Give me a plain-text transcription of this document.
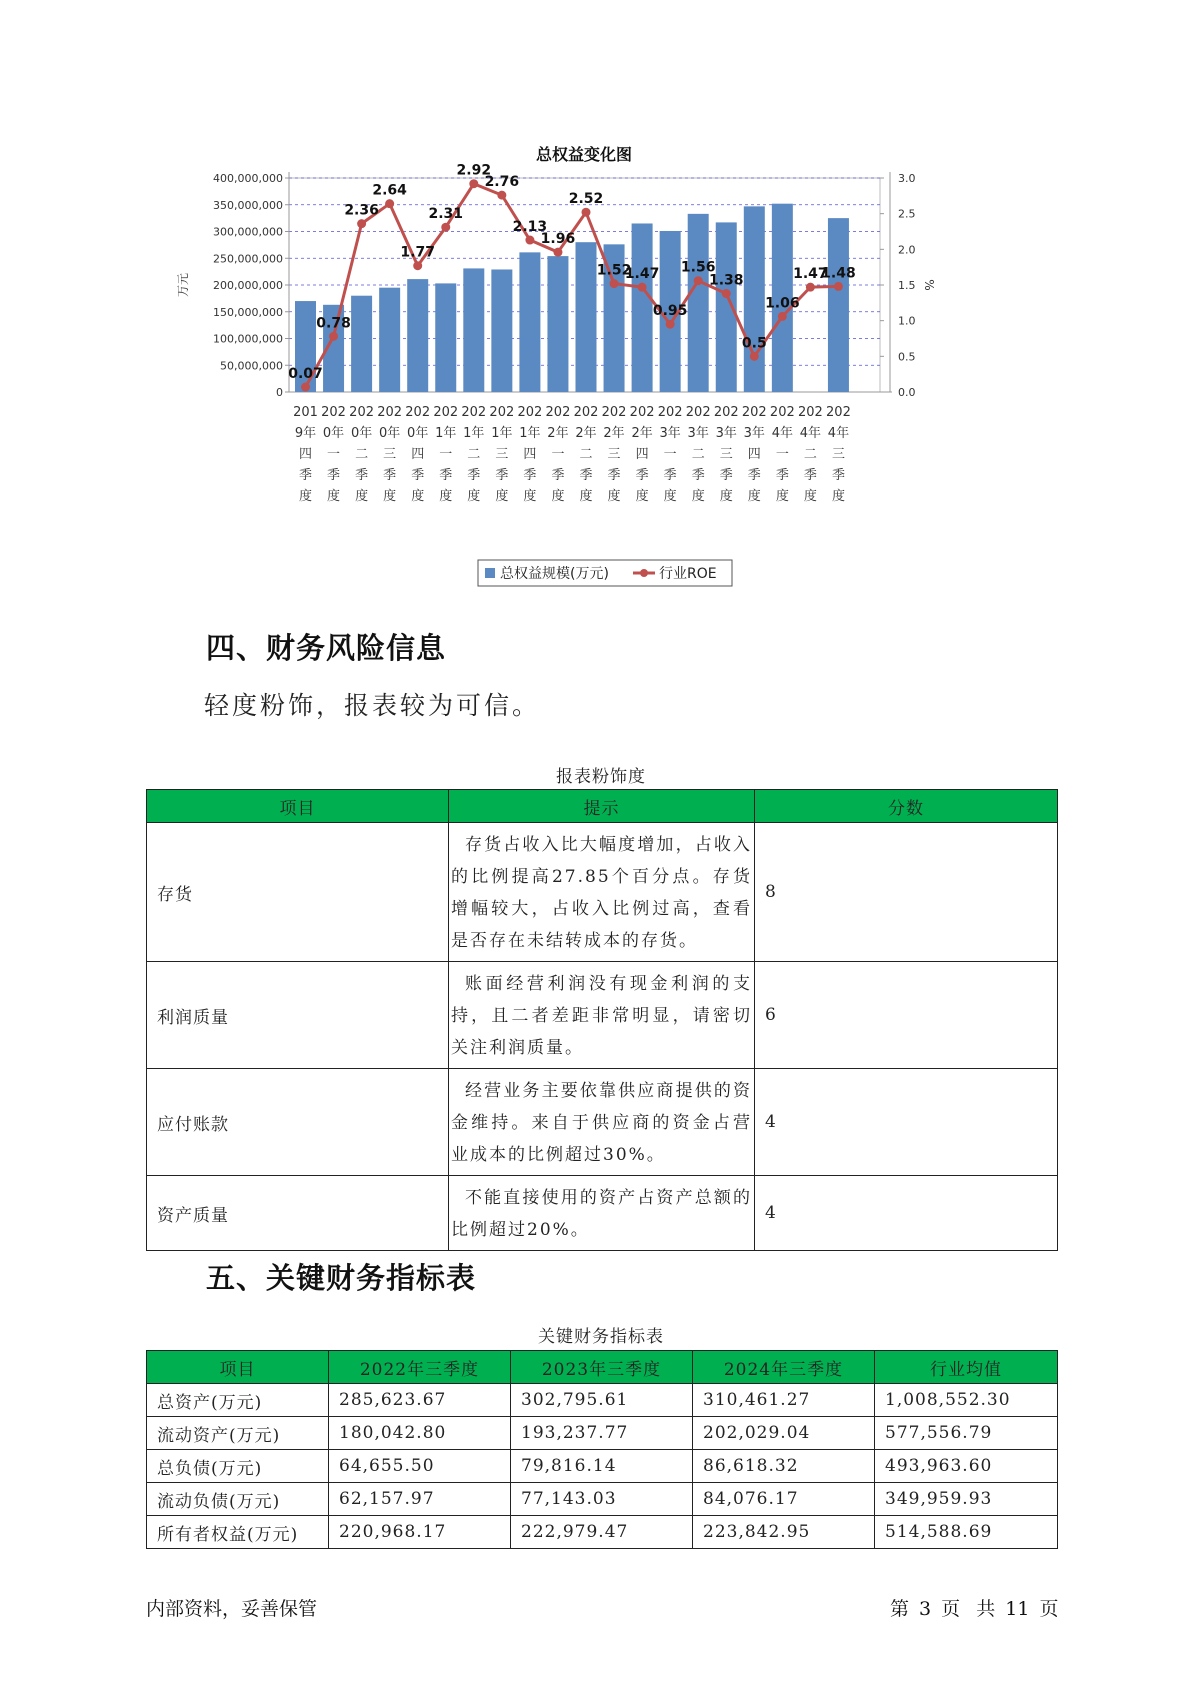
0
50,000,000
100,000,000
150,000,000
200,000,000
250,000,000
300,000,000
350,000,000
400,000,000
0.0
0.5
1.0
1.5
2.0
2.5
3.0
0.07
0.78
2.36
2.64
1.77
2.31
2.92
2.76
2.13
1.96
2.52
1.52
1.47
0.95
1.56
1.38
0.5
1.06
1.47
1.48
201 9年四季度
202 0年一季度
202 0年二季度
202 0年三季度
202 0年四季度
202 1年一季度
202 1年二季度
202 1年三季度
202 1年四季度
202 2年一季度
202 2年二季度
202 2年三季度
202 2年四季度
202 3年一季度
202 3年二季度
202 3年三季度
202 3年四季度
202 4年一季度
202 4年二季度
202 4年三季度
总权益变化图
万元	%
总权益规模(万元)	行业ROE
四、财务风险信息

轻度粉饰，报表较为可信。

报表粉饰度
项目	提示	分数
存货	存货占收入比大幅度增加，占收入的比例提高27.85个百分点。存货增幅较大，占收入比例过高，查看是否存在未结转成本的存货。	8
利润质量	账面经营利润没有现金利润的支持，且二者差距非常明显，请密切关注利润质量。	6
应付账款	经营业务主要依靠供应商提供的资金维持。来自于供应商的资金占营业成本的比例超过30%。	4
资产质量	不能直接使用的资产占资产总额的比例超过20%。	4
五、关键财务指标表
关键财务指标表
项目	2022年三季度	2023年三季度	2024年三季度	行业均值
总资产(万元)	285,623.67	302,795.61	310,461.27	1,008,552.30
流动资产(万元)	180,042.80	193,237.77	202,029.04	577,556.79
总负债(万元)	64,655.50	79,816.14	86,618.32	493,963.60
流动负债(万元)	62,157.97	77,143.03	84,076.17	349,959.93
所有者权益(万元)	220,968.17	222,979.47	223,842.95	514,588.69
内部资料，妥善保管	第 3 页 共 11 页
